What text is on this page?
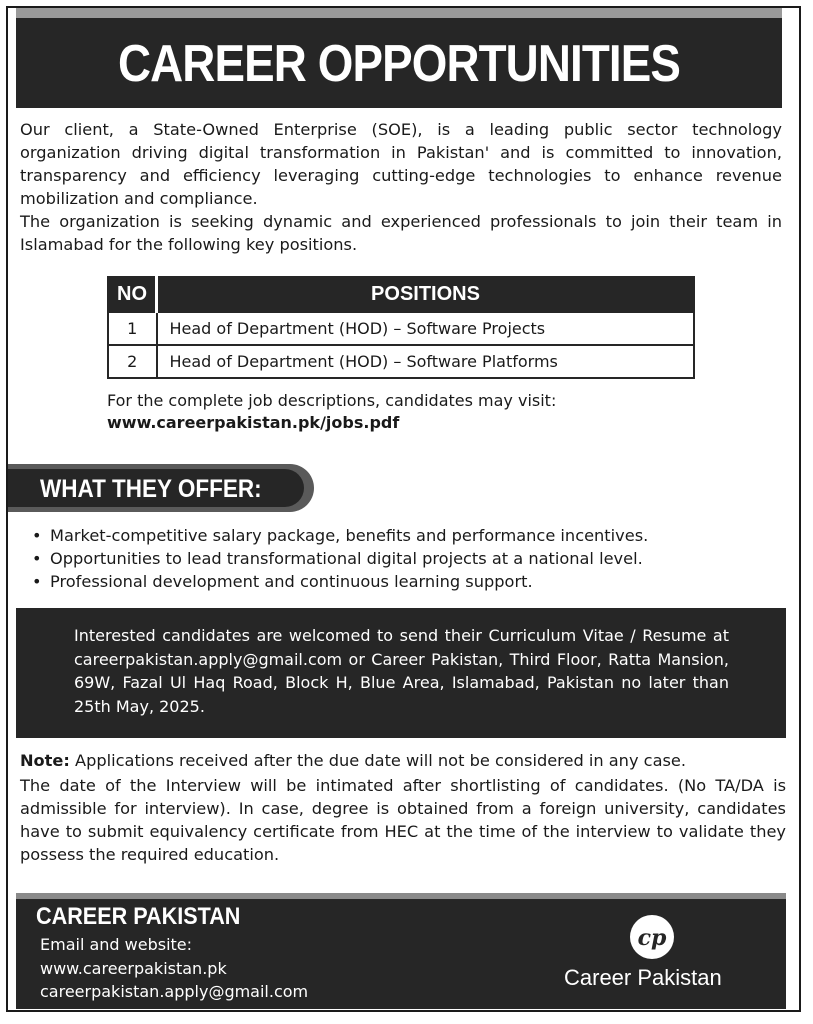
CAREER OPPORTUNITIES

Our client, a State-Owned Enterprise (SOE), is a leading public sector technology organization driving digital transformation in Pakistan' and is committed to innovation, transparency and efficiency leveraging cutting-edge technologies to enhance revenue mobilization and compliance.

The organization is seeking dynamic and experienced professionals to join their team in Islamabad for the following key positions.

NO	POSITIONS
1	Head of Department (HOD) – Software Projects
2	Head of Department (HOD) – Software Platforms
For the complete job descriptions, candidates may visit:
www.careerpakistan.pk/jobs.pdf
WHAT THEY OFFER:
• Market-competitive salary package, benefits and performance incentives.
• Opportunities to lead transformational digital projects at a national level.
• Professional development and continuous learning support.
Interested candidates are welcomed to send their Curriculum Vitae / Resume at careerpakistan.apply@gmail.com or Career Pakistan, Third Floor, Ratta Mansion, 69W, Fazal Ul Haq Road, Block H, Blue Area, Islamabad, Pakistan no later than 25th May, 2025.

Note: Applications received after the due date will not be considered in any case.

The date of the Interview will be intimated after shortlisting of candidates. (No TA/DA is admissible for interview). In case, degree is obtained from a foreign university, candidates have to submit equivalency certificate from HEC at the time of the interview to validate they possess the required education.

CAREER PAKISTAN
Email and website:
www.careerpakistan.pk
careerpakistan.apply@gmail.com
cp
Career Pakistan
